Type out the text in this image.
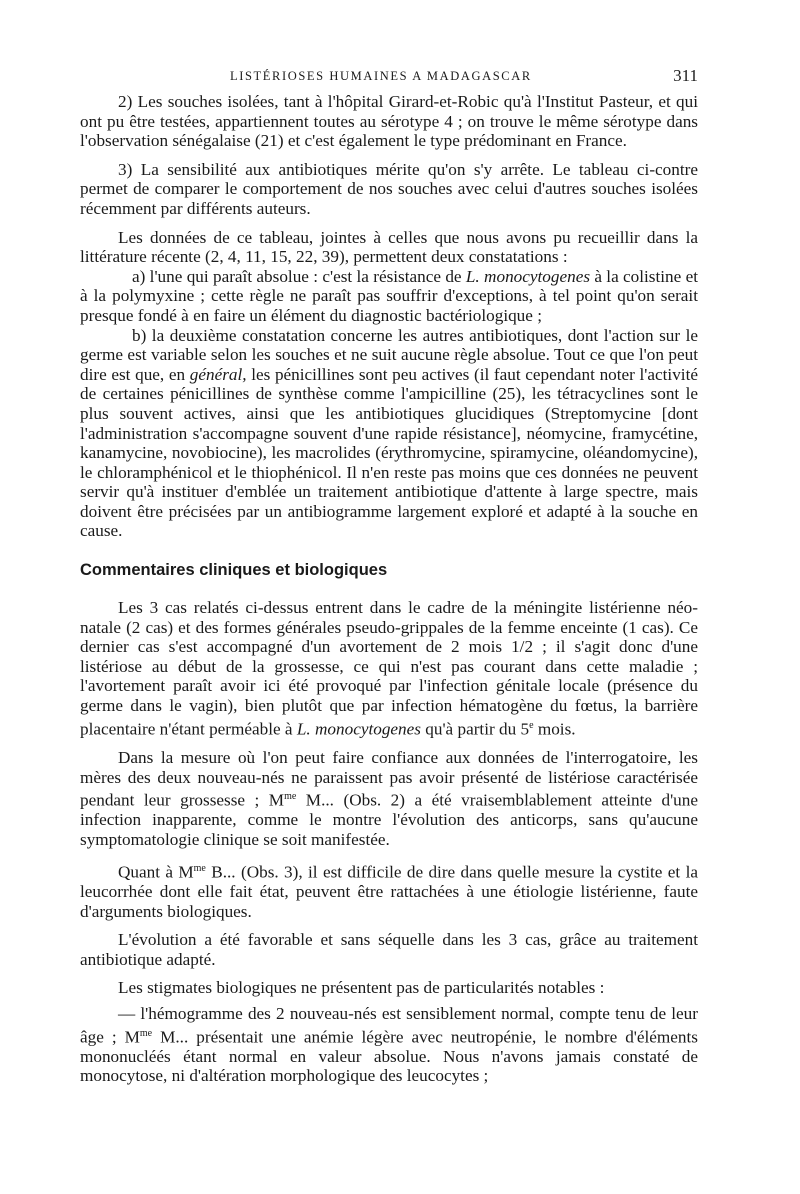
LISTÉRIOSES HUMAINES A MADAGASCAR	311

2) Les souches isolées, tant à l'hôpital Girard-et-Robic qu'à l'Institut Pasteur, et qui ont pu être testées, appartiennent toutes au sérotype 4 ; on trouve le même sérotype dans l'observation sénégalaise (21) et c'est également le type prédominant en France.

3) La sensibilité aux antibiotiques mérite qu'on s'y arrête. Le tableau ci-contre permet de comparer le comportement de nos souches avec celui d'autres souches isolées récemment par différents auteurs.

Les données de ce tableau, jointes à celles que nous avons pu recueillir dans la littérature récente (2, 4, 11, 15, 22, 39), permettent deux constatations :

a) l'une qui paraît absolue : c'est la résistance de L. monocytogenes à la colistine et à la polymyxine ; cette règle ne paraît pas souffrir d'exceptions, à tel point qu'on serait presque fondé à en faire un élément du diagnostic bactériologique ;

b) la deuxième constatation concerne les autres antibiotiques, dont l'action sur le germe est variable selon les souches et ne suit aucune règle absolue. Tout ce que l'on peut dire est que, en général, les pénicillines sont peu actives (il faut cependant noter l'activité de certaines pénicillines de synthèse comme l'ampicilline (25), les tétracyclines sont le plus souvent actives, ainsi que les antibiotiques glucidiques (Streptomycine [dont l'administration s'accompagne souvent d'une rapide résistance], néomycine, framycétine, kanamycine, novobiocine), les macrolides (érythromycine, spiramycine, oléandomycine), le chloramphénicol et le thiophénicol. Il n'en reste pas moins que ces données ne peuvent servir qu'à instituer d'emblée un traitement antibiotique d'attente à large spectre, mais doivent être précisées par un antibiogramme largement exploré et adapté à la souche en cause.

Commentaires cliniques et biologiques

Les 3 cas relatés ci-dessus entrent dans le cadre de la méningite listérienne néo-natale (2 cas) et des formes générales pseudo-grippales de la femme enceinte (1 cas). Ce dernier cas s'est accompagné d'un avortement de 2 mois 1/2 ; il s'agit donc d'une listériose au début de la grossesse, ce qui n'est pas courant dans cette maladie ; l'avortement paraît avoir ici été provoqué par l'infection génitale locale (présence du germe dans le vagin), bien plutôt que par infection hématogène du fœtus, la barrière placentaire n'étant perméable à L. monocytogenes qu'à partir du 5e mois.

Dans la mesure où l'on peut faire confiance aux données de l'interrogatoire, les mères des deux nouveau-nés ne paraissent pas avoir présenté de listériose caractérisée pendant leur grossesse ; $M^{me}$ M... (Obs. 2) a été vraisemblablement atteinte d'une infection inapparente, comme le montre l'évolution des anticorps, sans qu'aucune symptomatologie clinique se soit manifestée.

Quant à $M^{me}$ B... (Obs. 3), il est difficile de dire dans quelle mesure la cystite et la leucorrhée dont elle fait état, peuvent être rattachées à une étiologie listérienne, faute d'arguments biologiques.

L'évolution a été favorable et sans séquelle dans les 3 cas, grâce au traitement antibiotique adapté.

Les stigmates biologiques ne présentent pas de particularités notables :

— l'hémogramme des 2 nouveau-nés est sensiblement normal, compte tenu de leur âge ; $M^{me}$ M... présentait une anémie légère avec neutropénie, le nombre d'éléments mononucléés étant normal en valeur absolue. Nous n'avons jamais constaté de monocytose, ni d'altération morphologique des leucocytes ;
